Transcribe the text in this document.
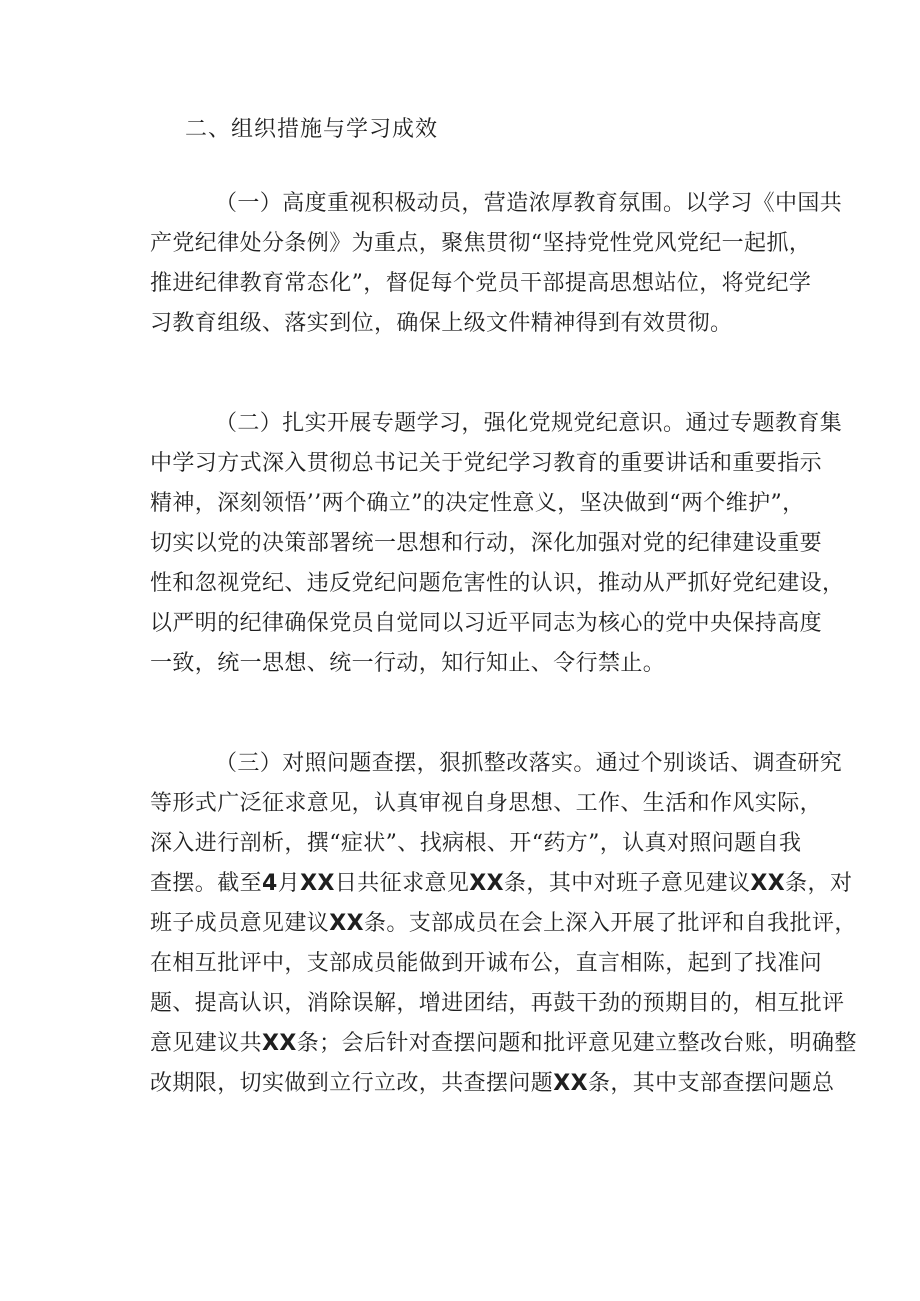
二、组织措施与学习成效
（一）高度重视积极动员，营造浓厚教育氛围。以学习《中国共
产党纪律处分条例》为重点，聚焦贯彻“坚持党性党风党纪一起抓，
推进纪律教育常态化”，督促每个党员干部提高思想站位，将党纪学
习教育组级、落实到位，确保上级文件精神得到有效贯彻。
（二）扎实开展专题学习，强化党规党纪意识。通过专题教育集
中学习方式深入贯彻总书记关于党纪学习教育的重要讲话和重要指示
精神，深刻领悟’’两个确立”的决定性意义，坚决做到“两个维护”，
切实以党的决策部署统一思想和行动，深化加强对党的纪律建设重要
性和忽视党纪、违反党纪问题危害性的认识，推动从严抓好党纪建设，
以严明的纪律确保党员自觉同以习近平同志为核心的党中央保持高度
一致，统一思想、统一行动，知行知止、令行禁止。
（三）对照问题查摆，狠抓整改落实。通过个别谈话、调查研究
等形式广泛征求意见，认真审视自身思想、工作、生活和作风实际，
深入进行剖析，撰“症状”、找病根、开“药方”，认真对照问题自我
查摆。截至4月XX日共征求意见XX条，其中对班子意见建议XX条，对
班子成员意见建议XX条。支部成员在会上深入开展了批评和自我批评，
在相互批评中，支部成员能做到开诚布公，直言相陈，起到了找准问
题、提高认识，消除误解，增进团结，再鼓干劲的预期目的，相互批评
意见建议共XX条；会后针对查摆问题和批评意见建立整改台账，明确整
改期限，切实做到立行立改，共查摆问题XX条，其中支部查摆问题总
